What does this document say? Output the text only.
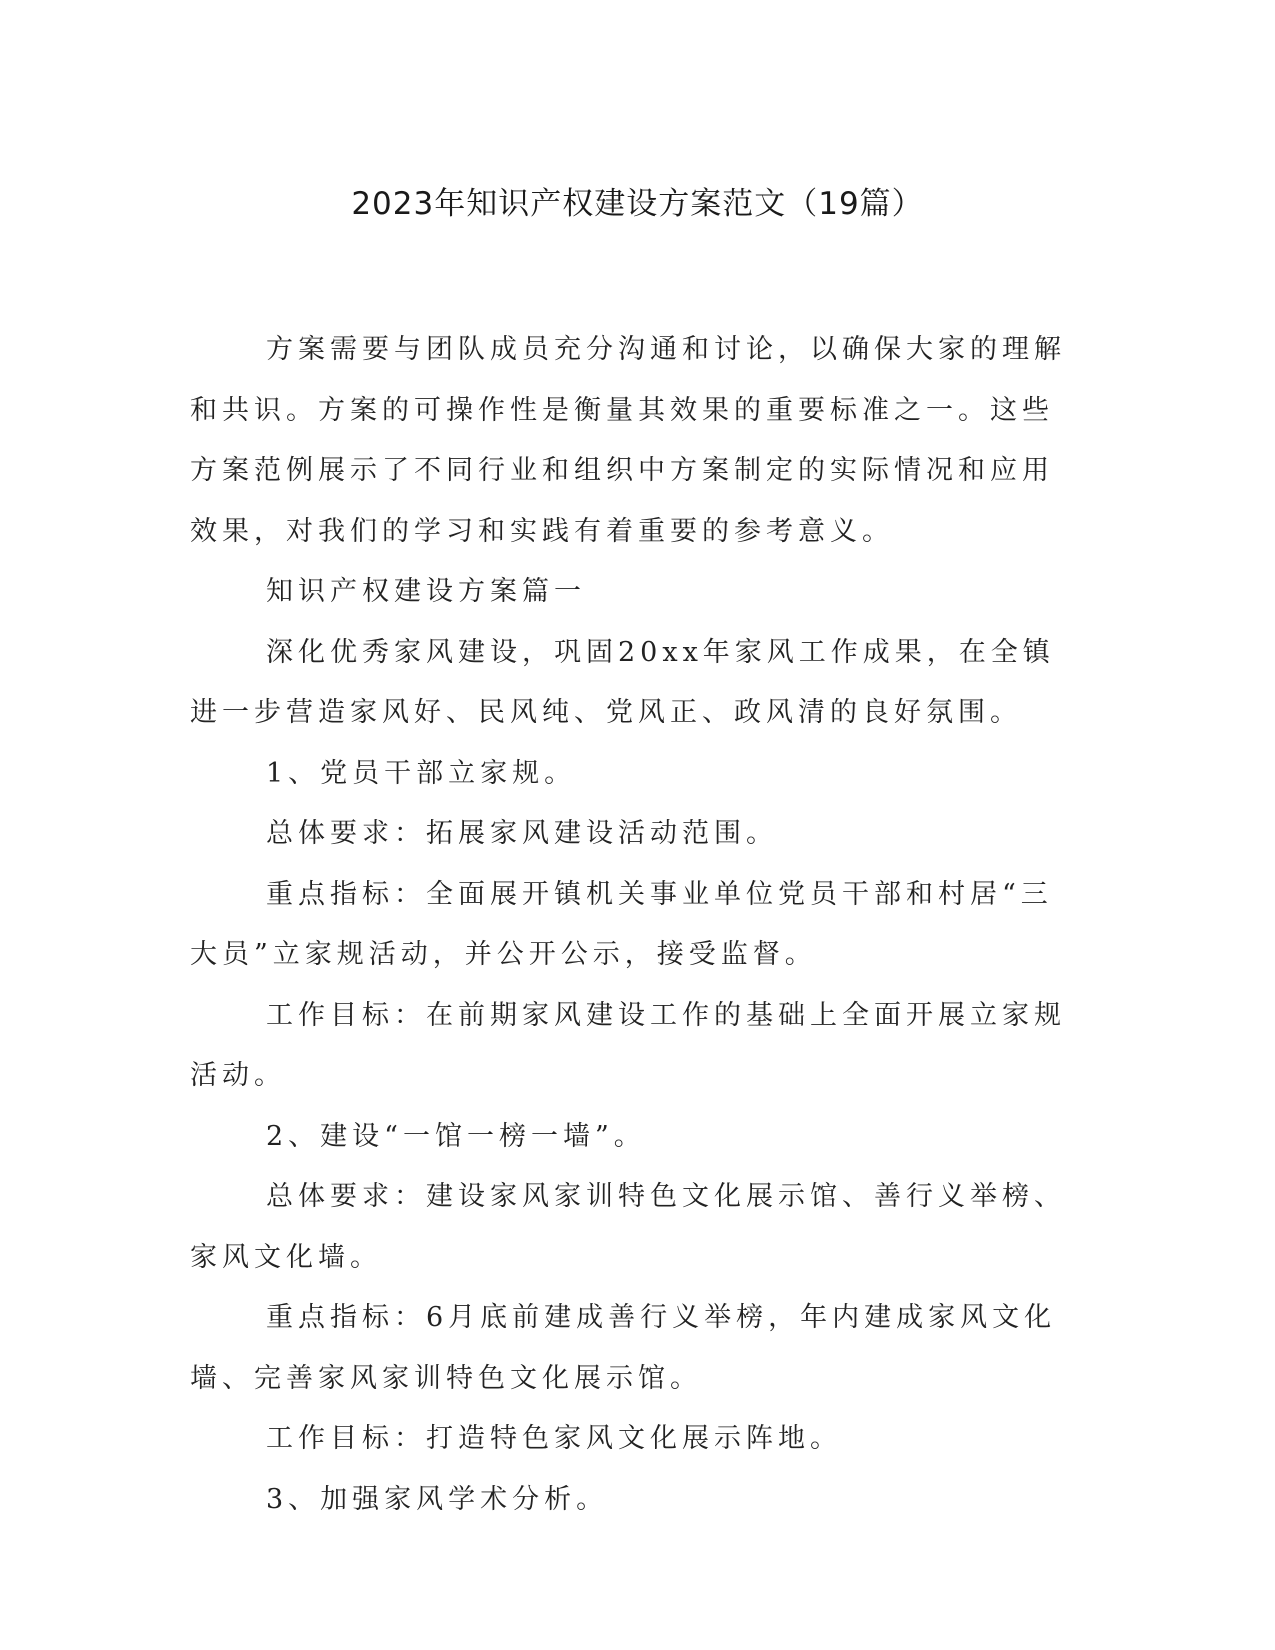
2023年知识产权建设方案范文（19篇）

方案需要与团队成员充分沟通和讨论，以确保大家的理解和共识。方案的可操作性是衡量其效果的重要标准之一。这些方案范例展示了不同行业和组织中方案制定的实际情况和应用效果，对我们的学习和实践有着重要的参考意义。

知识产权建设方案篇一

深化优秀家风建设，巩固20xx年家风工作成果，在全镇进一步营造家风好、民风纯、党风正、政风清的良好氛围。

1、党员干部立家规。

总体要求：拓展家风建设活动范围。

重点指标：全面展开镇机关事业单位党员干部和村居“三大员”立家规活动，并公开公示，接受监督。

工作目标：在前期家风建设工作的基础上全面开展立家规活动。

2、建设“一馆一榜一墙”。

总体要求：建设家风家训特色文化展示馆、善行义举榜、家风文化墙。

重点指标：6月底前建成善行义举榜，年内建成家风文化墙、完善家风家训特色文化展示馆。

工作目标：打造特色家风文化展示阵地。

3、加强家风学术分析。
